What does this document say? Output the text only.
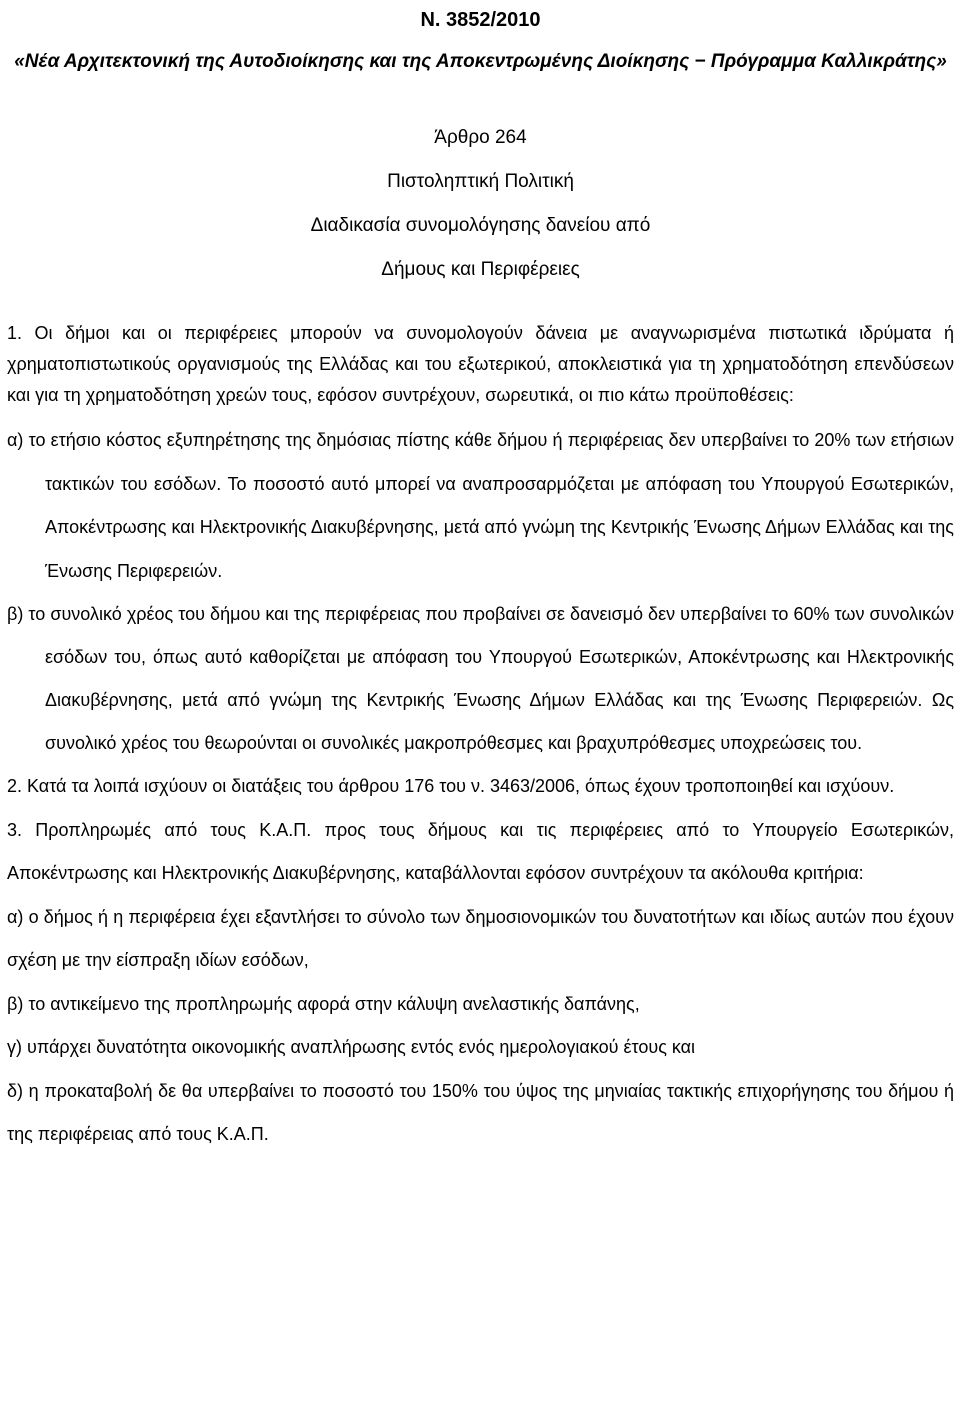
Ν. 3852/2010
«Νέα Αρχιτεκτονική της Αυτοδιοίκησης και της Αποκεντρωμένης Διοίκησης − Πρόγραμμα Καλλικράτης»
Άρθρο 264
Πιστοληπτική Πολιτική
Διαδικασία συνομολόγησης δανείου από
Δήμους και Περιφέρειες

1. Οι δήμοι και οι περιφέρειες μπορούν να συνομολογούν δάνεια με αναγνωρισμένα πιστωτικά ιδρύματα ή χρηματοπιστωτικούς οργανισμούς της Ελλάδας και του εξωτερικού, αποκλειστικά για τη χρηματοδότηση επενδύσεων και για τη χρηματοδότηση χρεών τους, εφόσον συντρέχουν, σωρευτικά, οι πιο κάτω προϋποθέσεις:

α) το ετήσιο κόστος εξυπηρέτησης της δημόσιας πίστης κάθε δήμου ή περιφέρειας δεν υπερβαίνει το 20% των ετήσιων τακτικών του εσόδων. Το ποσοστό αυτό μπορεί να αναπροσαρμόζεται με απόφαση του Υπουργού Εσωτερικών, Αποκέντρωσης και Ηλεκτρονικής Διακυβέρνησης, μετά από γνώμη της Κεντρικής Ένωσης Δήμων Ελλάδας και της Ένωσης Περιφερειών.

β) το συνολικό χρέος του δήμου και της περιφέρειας που προβαίνει σε δανεισμό δεν υπερβαίνει το 60% των συνολικών εσόδων του, όπως αυτό καθορίζεται με απόφαση του Υπουργού Εσωτερικών, Αποκέντρωσης και Ηλεκτρονικής Διακυβέρνησης, μετά από γνώμη της Κεντρικής Ένωσης Δήμων Ελλάδας και της Ένωσης Περιφερειών. Ως συνολικό χρέος του θεωρούνται οι συνολικές μακροπρόθεσμες και βραχυπρόθεσμες υποχρεώσεις του.

2. Κατά τα λοιπά ισχύουν οι διατάξεις του άρθρου 176 του ν. 3463/2006, όπως έχουν τροποποιηθεί και ισχύουν.

3. Προπληρωμές από τους Κ.Α.Π. προς τους δήμους και τις περιφέρειες από το Υπουργείο Εσωτερικών, Αποκέντρωσης και Ηλεκτρονικής Διακυβέρνησης, καταβάλλονται εφόσον συντρέχουν τα ακόλουθα κριτήρια:

α) ο δήμος ή η περιφέρεια έχει εξαντλήσει το σύνολο των δημοσιονομικών του δυνατοτήτων και ιδίως αυτών που έχουν σχέση με την είσπραξη ιδίων εσόδων,

β) το αντικείμενο της προπληρωμής αφορά στην κάλυψη ανελαστικής δαπάνης,

γ) υπάρχει δυνατότητα οικονομικής αναπλήρωσης εντός ενός ημερολογιακού έτους και

δ) η προκαταβολή δε θα υπερβαίνει το ποσοστό του 150% του ύψος της μηνιαίας τακτικής επιχορήγησης του δήμου ή της περιφέρειας από τους Κ.Α.Π.
